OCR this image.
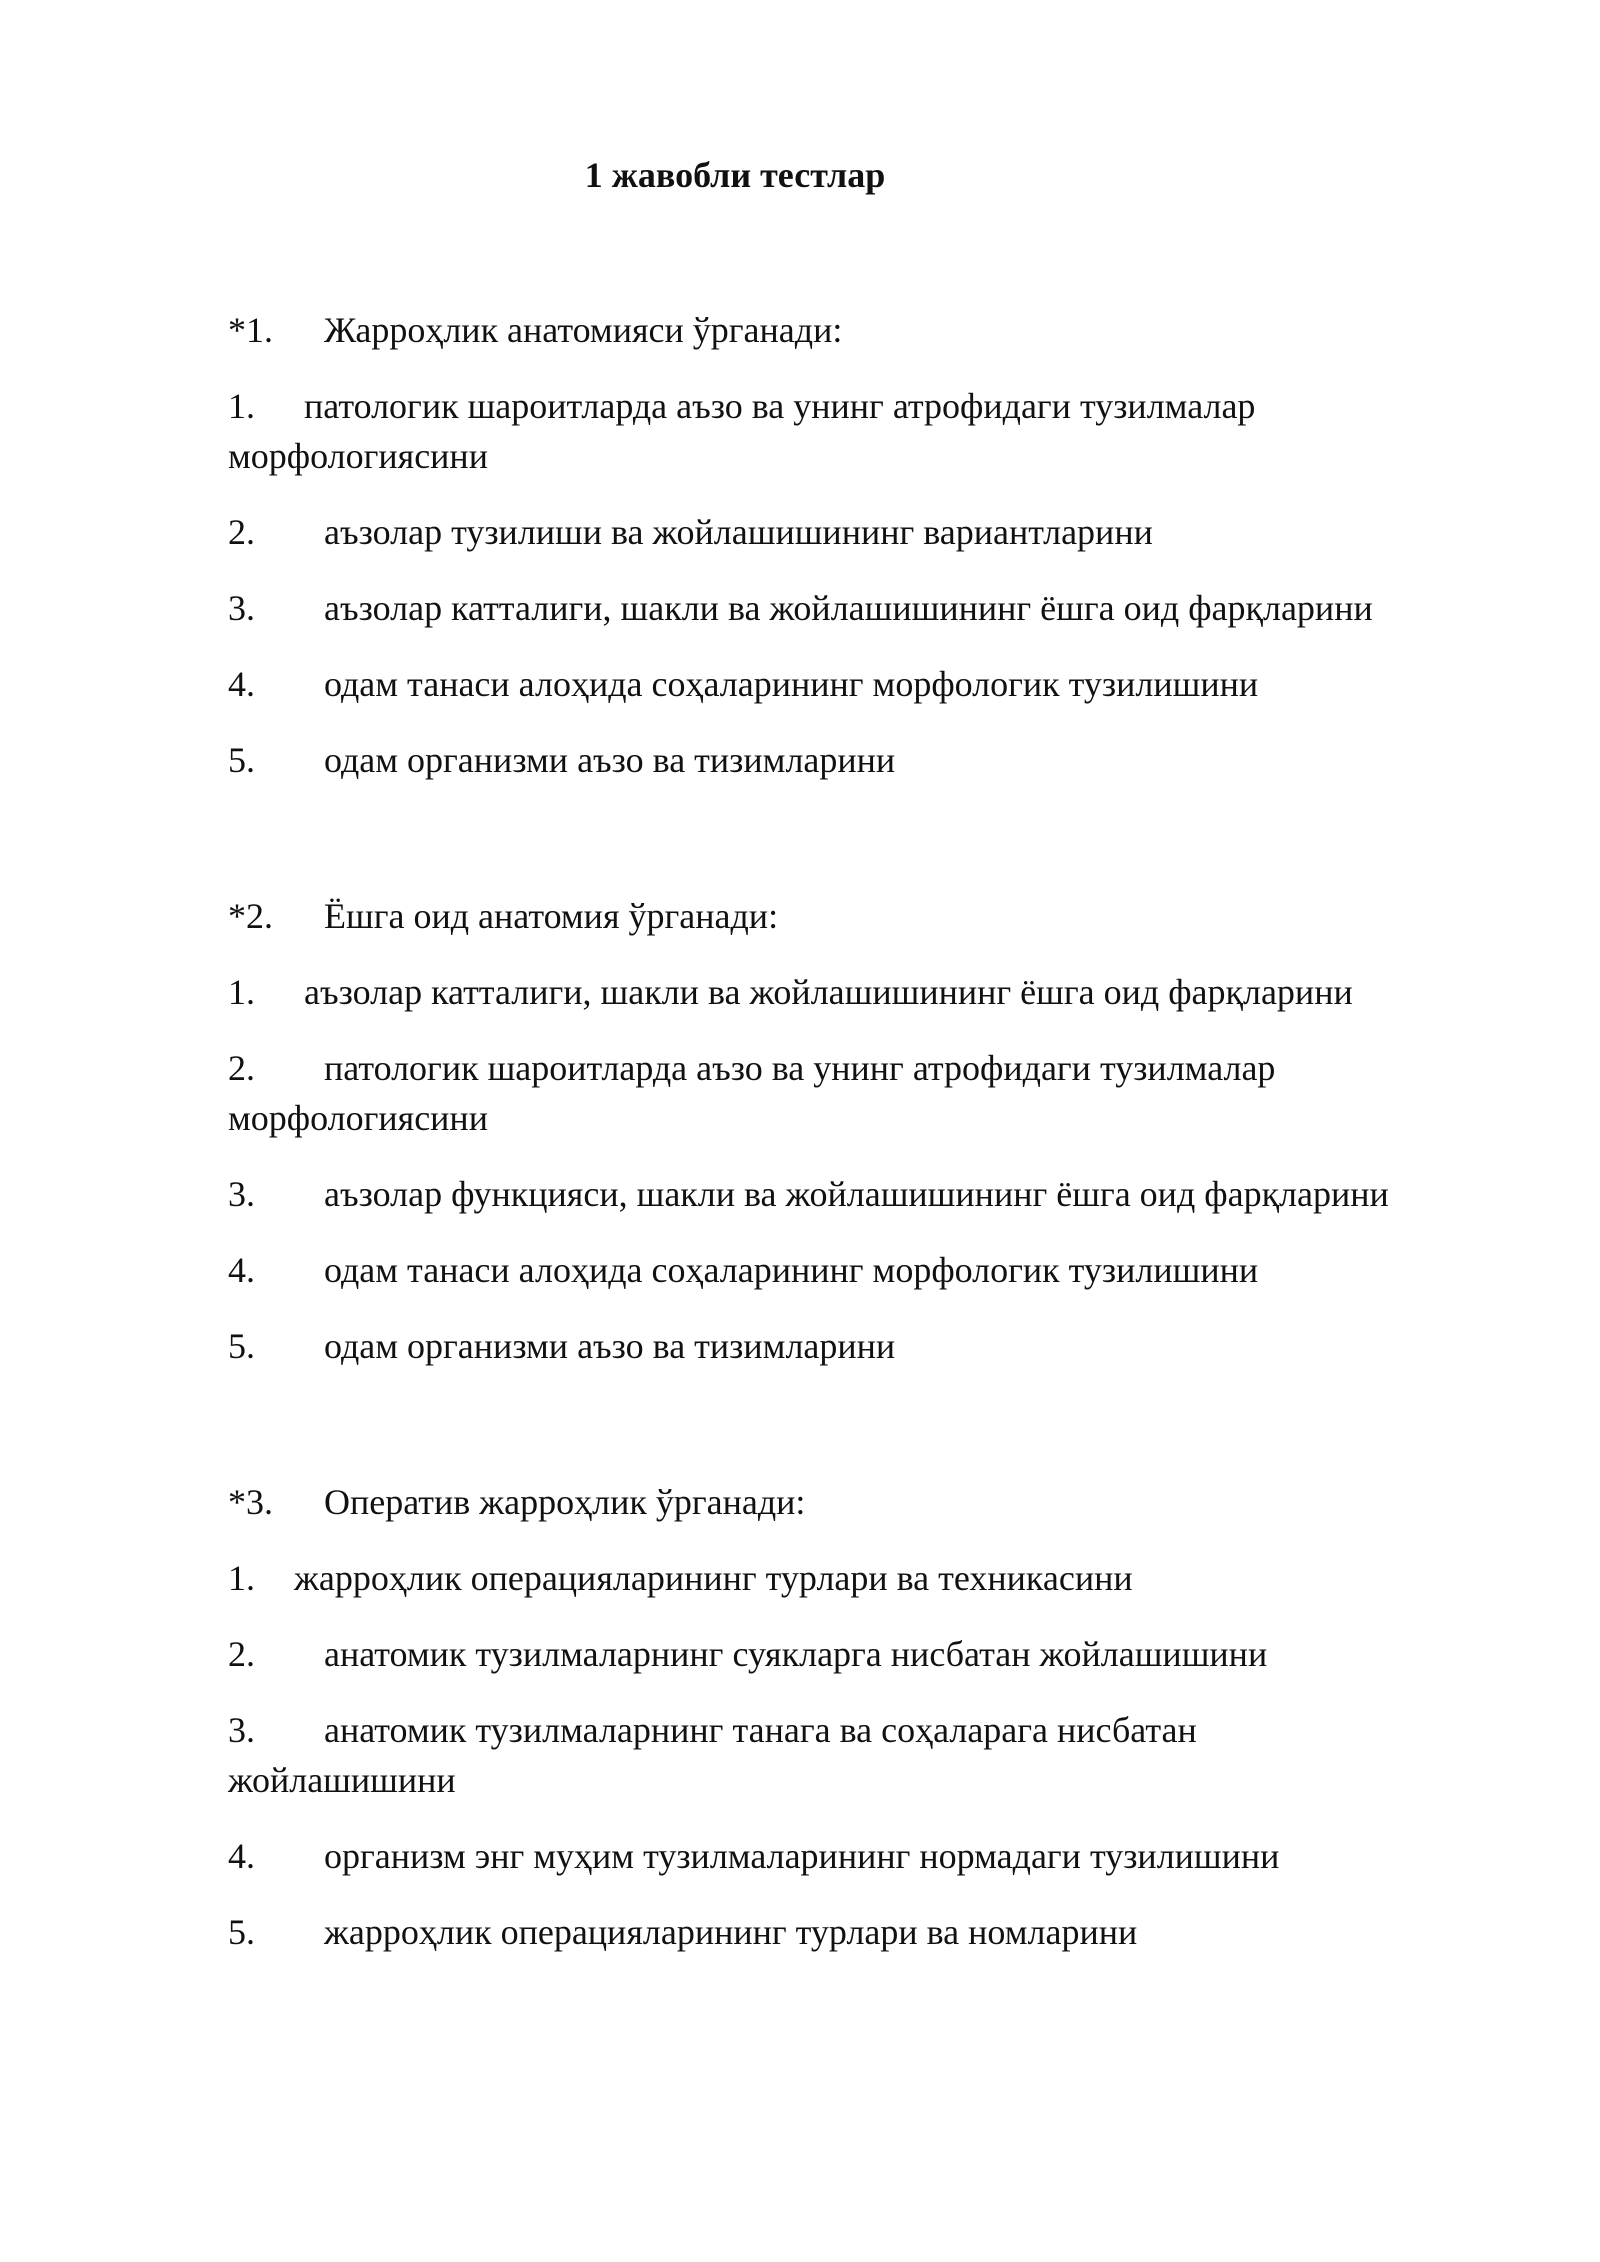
1 жавобли тестлар
*1. Жарроҳлик анатомияси ўрганади:
1. патологик шароитларда аъзо ва унинг атрофидаги тузилмалар
морфологиясини
2. аъзолар тузилиши ва жойлашишининг вариантларини
3. аъзолар катталиги, шакли ва жойлашишининг ёшга оид фарқларини
4. одам танаси алоҳида соҳаларининг морфологик тузилишини
5. одам организми аъзо ва тизимларини
*2. Ёшга оид анатомия ўрганади:
1. аъзолар катталиги, шакли ва жойлашишининг ёшга оид фарқларини
2. патологик шароитларда аъзо ва унинг атрофидаги тузилмалар
морфологиясини
3. аъзолар функцияси, шакли ва жойлашишининг ёшга оид фарқларини
4. одам танаси алоҳида соҳаларининг морфологик тузилишини
5. одам организми аъзо ва тизимларини
*3. Оператив жарроҳлик ўрганади:
1. жарроҳлик операцияларининг турлари ва техникасини
2. анатомик тузилмаларнинг суякларга нисбатан жойлашишини
3. анатомик тузилмаларнинг танага ва соҳаларага нисбатан
жойлашишини
4. организм энг муҳим тузилмаларининг нормадаги тузилишини
5. жарроҳлик операцияларининг турлари ва номларини
